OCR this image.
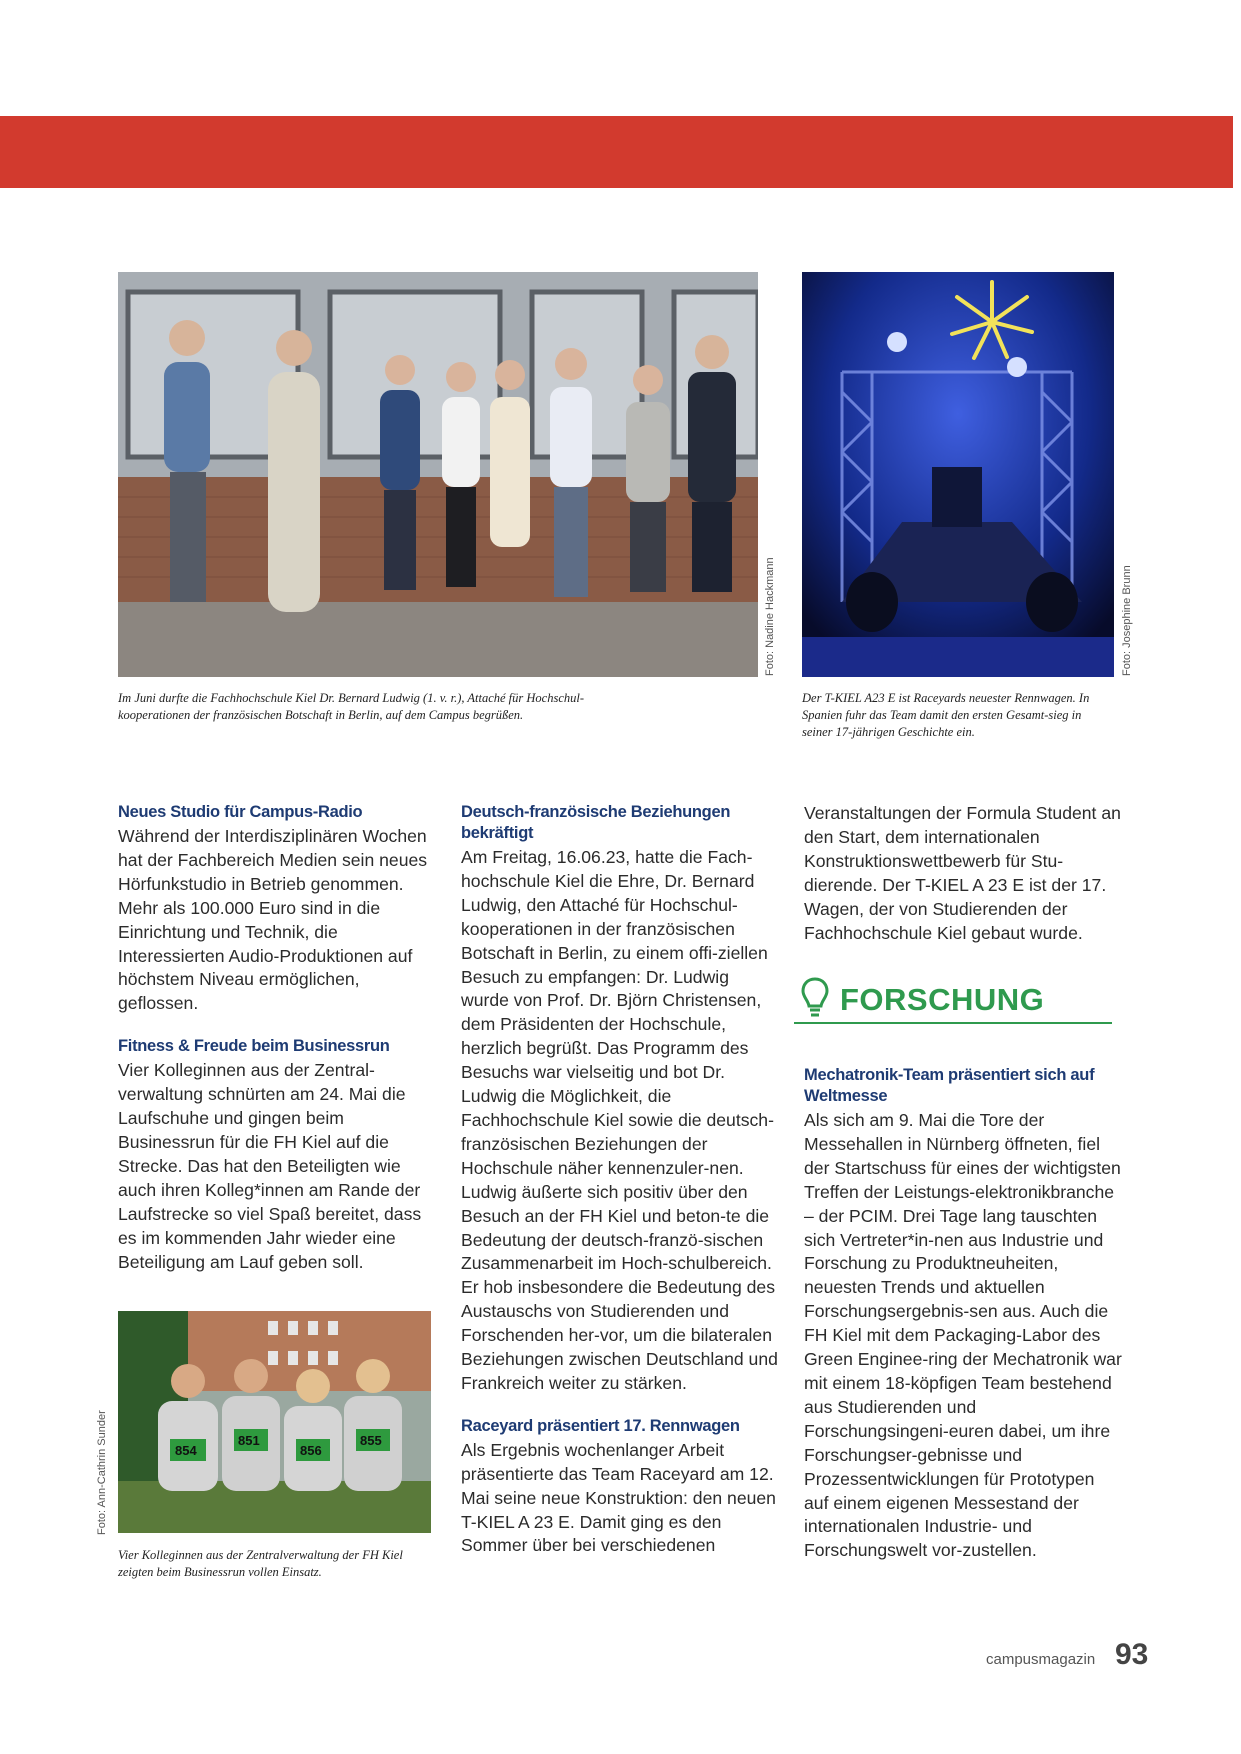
Foto: Nadine Hackmann
Im Juni durfte die Fachhochschule Kiel Dr. Bernard Ludwig (1. v. r.), Attaché für Hochschul-kooperationen der französischen Botschaft in Berlin, auf dem Campus begrüßen.
Foto: Josephine Brunn
Der T-KIEL A23 E ist Raceyards neuester Rennwagen. In Spanien fuhr das Team damit den ersten Gesamt-sieg in seiner 17-jährigen Geschichte ein.
Neues Studio für Campus-Radio

Während der Interdisziplinären Wochen hat der Fachbereich Medien sein neues Hörfunkstudio in Betrieb genommen. Mehr als 100.000 Euro sind in die Einrichtung und Technik, die Interessierten Audio-Produktionen auf höchstem Niveau ermöglichen, geflossen.

Fitness & Freude beim Businessrun

Vier Kolleginnen aus der Zentral-verwaltung schnürten am 24. Mai die Laufschuhe und gingen beim Businessrun für die FH Kiel auf die Strecke. Das hat den Beteiligten wie auch ihren Kolleg*innen am Rande der Laufstrecke so viel Spaß bereitet, dass es im kommenden Jahr wieder eine Beteiligung am Lauf geben soll.

854
851
856
855
Foto: Ann-Cathrin Sunder
Vier Kolleginnen aus der Zentralverwaltung der FH Kiel zeigten beim Businessrun vollen Einsatz.
Deutsch-französische Beziehungen bekräftigt

Am Freitag, 16.06.23, hatte die Fach-hochschule Kiel die Ehre, Dr. Bernard Ludwig, den Attaché für Hochschul-kooperationen in der französischen Botschaft in Berlin, zu einem offi-ziellen Besuch zu empfangen: Dr. Ludwig wurde von Prof. Dr. Björn Christensen, dem Präsidenten der Hochschule, herzlich begrüßt. Das Programm des Besuchs war vielseitig und bot Dr. Ludwig die Möglichkeit, die Fachhochschule Kiel sowie die deutsch-französischen Beziehungen der Hochschule näher kennenzuler-nen. Ludwig äußerte sich positiv über den Besuch an der FH Kiel und beton-te die Bedeutung der deutsch-franzö-sischen Zusammenarbeit im Hoch-schulbereich. Er hob insbesondere die Bedeutung des Austauschs von Studierenden und Forschenden her-vor, um die bilateralen Beziehungen zwischen Deutschland und Frankreich weiter zu stärken.

Raceyard präsentiert 17. Rennwagen

Als Ergebnis wochenlanger Arbeit präsentierte das Team Raceyard am 12. Mai seine neue Konstruktion: den neuen T-KIEL A 23 E. Damit ging es den Sommer über bei verschiedenen

Veranstaltungen der Formula Student an den Start, dem internationalen Konstruktionswettbewerb für Stu-dierende. Der T-KIEL A 23 E ist der 17. Wagen, der von Studierenden der Fachhochschule Kiel gebaut wurde.

FORSCHUNG
Mechatronik-Team präsentiert sich auf Weltmesse

Als sich am 9. Mai die Tore der Messehallen in Nürnberg öffneten, fiel der Startschuss für eines der wichtigsten Treffen der Leistungs-elektronikbranche – der PCIM. Drei Tage lang tauschten sich Vertreter*in-nen aus Industrie und Forschung zu Produktneuheiten, neuesten Trends und aktuellen Forschungsergebnis-sen aus. Auch die FH Kiel mit dem Packaging-Labor des Green Enginee-ring der Mechatronik war mit einem 18-köpfigen Team bestehend aus Studierenden und Forschungsingeni-euren dabei, um ihre Forschungser-gebnisse und Prozessentwicklungen für Prototypen auf einem eigenen Messestand der internationalen Industrie- und Forschungswelt vor-zustellen.

campusmagazin 93
